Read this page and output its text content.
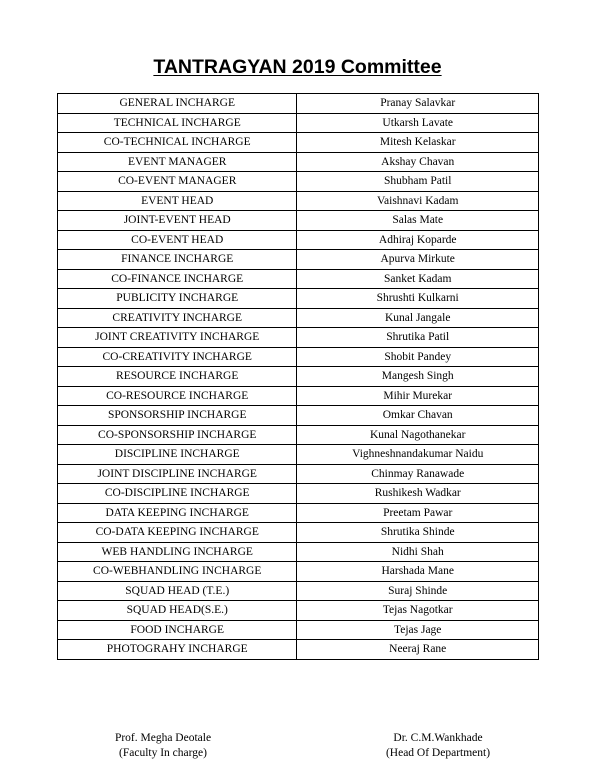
TANTRAGYAN 2019 Committee
GENERAL INCHARGE	Pranay Salavkar
TECHNICAL INCHARGE	Utkarsh Lavate
CO-TECHNICAL INCHARGE	Mitesh Kelaskar
EVENT MANAGER	Akshay Chavan
CO-EVENT MANAGER	Shubham Patil
EVENT HEAD	Vaishnavi Kadam
JOINT-EVENT HEAD	Salas Mate
CO-EVENT HEAD	Adhiraj Koparde
FINANCE INCHARGE	Apurva Mirkute
CO-FINANCE INCHARGE	Sanket Kadam
PUBLICITY INCHARGE	Shrushti Kulkarni
CREATIVITY INCHARGE	Kunal Jangale
JOINT CREATIVITY INCHARGE	Shrutika Patil
CO-CREATIVITY INCHARGE	Shobit Pandey
RESOURCE INCHARGE	Mangesh Singh
CO-RESOURCE INCHARGE	Mihir Murekar
SPONSORSHIP INCHARGE	Omkar Chavan
CO-SPONSORSHIP INCHARGE	Kunal Nagothanekar
DISCIPLINE INCHARGE	Vighneshnandakumar Naidu
JOINT DISCIPLINE INCHARGE	Chinmay Ranawade
CO-DISCIPLINE INCHARGE	Rushikesh Wadkar
DATA KEEPING INCHARGE	Preetam Pawar
CO-DATA KEEPING INCHARGE	Shrutika Shinde
WEB HANDLING INCHARGE	Nidhi Shah
CO-WEBHANDLING INCHARGE	Harshada Mane
SQUAD HEAD (T.E.)	Suraj Shinde
SQUAD HEAD(S.E.)	Tejas Nagotkar
FOOD INCHARGE	Tejas Jage
PHOTOGRAHY INCHARGE	Neeraj Rane
Prof. Megha Deotale
(Faculty In charge)
Dr. C.M.Wankhade
(Head Of Department)
